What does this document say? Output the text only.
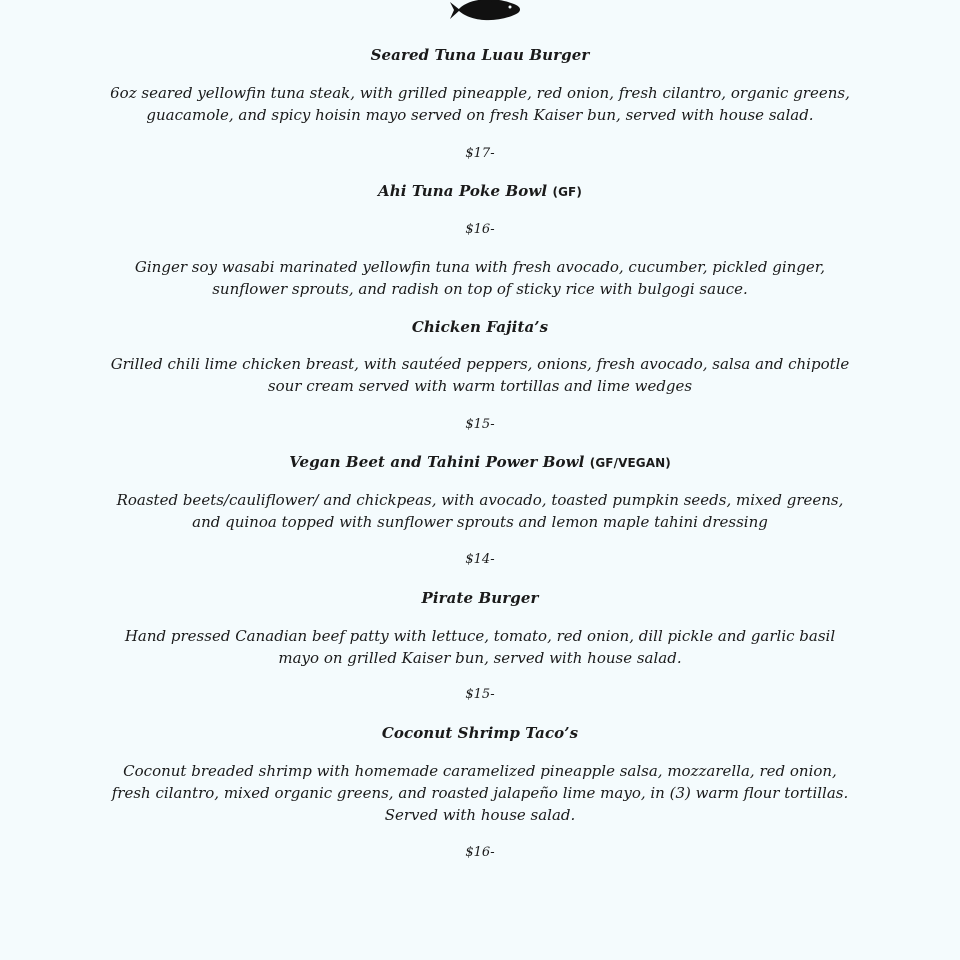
Seared Tuna Luau Burger
6oz seared yellowfin tuna steak, with grilled pineapple, red onion, fresh cilantro, organic greens,
guacamole, and spicy hoisin mayo served on fresh Kaiser bun, served with house salad.
$17-
Ahi Tuna Poke Bowl (GF)
$16-
Ginger soy wasabi marinated yellowfin tuna with fresh avocado, cucumber, pickled ginger,
sunflower sprouts, and radish on top of sticky rice with bulgogi sauce.
Chicken Fajita’s
Grilled chili lime chicken breast, with sautéed peppers, onions, fresh avocado, salsa and chipotle
sour cream served with warm tortillas and lime wedges
$15-
Vegan Beet and Tahini Power Bowl (GF/VEGAN)
Roasted beets/cauliflower/ and chickpeas, with avocado, toasted pumpkin seeds, mixed greens,
and quinoa topped with sunflower sprouts and lemon maple tahini dressing
$14-
Pirate Burger
Hand pressed Canadian beef patty with lettuce, tomato, red onion, dill pickle and garlic basil
mayo on grilled Kaiser bun, served with house salad.
$15-
Coconut Shrimp Taco’s
Coconut breaded shrimp with homemade caramelized pineapple salsa, mozzarella, red onion,
fresh cilantro, mixed organic greens, and roasted jalapeño lime mayo, in (3) warm flour tortillas.
Served with house salad.
$16-
